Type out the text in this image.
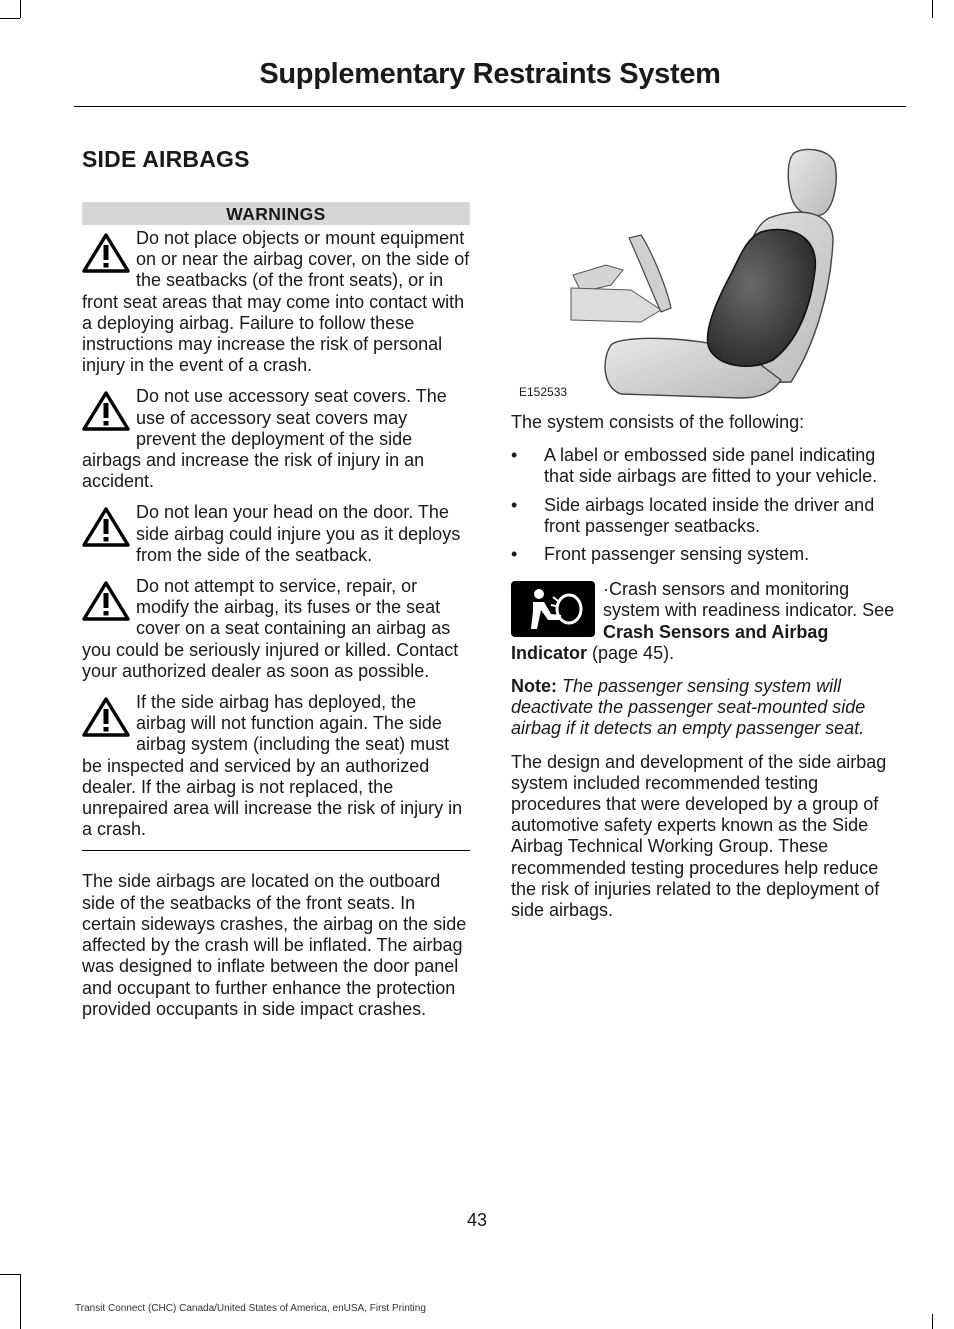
Supplementary Restraints System
SIDE AIRBAGS
WARNINGS
Do not place objects or mount equipment on or near the airbag cover, on the side of the seatbacks (of the front seats), or in front seat areas that may come into contact with a deploying airbag. Failure to follow these instructions may increase the risk of personal injury in the event of a crash.
Do not use accessory seat covers. The use of accessory seat covers may prevent the deployment of the side airbags and increase the risk of injury in an accident.
Do not lean your head on the door. The side airbag could injure you as it deploys from the side of the seatback.
Do not attempt to service, repair, or modify the airbag, its fuses or the seat cover on a seat containing an airbag as you could be seriously injured or killed. Contact your authorized dealer as soon as possible.
If the side airbag has deployed, the airbag will not function again. The side airbag system (including the seat) must be inspected and serviced by an authorized dealer. If the airbag is not replaced, the unrepaired area will increase the risk of injury in a crash.

The side airbags are located on the outboard side of the seatbacks of the front seats. In certain sideways crashes, the airbag on the side affected by the crash will be inflated. The airbag was designed to inflate between the door panel and occupant to further enhance the protection provided occupants in side impact crashes.

E152533

The system consists of the following:

• A label or embossed side panel indicating that side airbags are fitted to your vehicle.
• Side airbags located inside the driver and front passenger seatbacks.
• Front passenger sensing system.
·Crash sensors and monitoring system with readiness indicator. See Crash Sensors and Airbag Indicator (page 45).

Note: The passenger sensing system will deactivate the passenger seat-mounted side airbag if it detects an empty passenger seat.

The design and development of the side airbag system included recommended testing procedures that were developed by a group of automotive safety experts known as the Side Airbag Technical Working Group. These recommended testing procedures help reduce the risk of injuries related to the deployment of side airbags.

43
Transit Connect (CHC) Canada/United States of America, enUSA, First Printing
